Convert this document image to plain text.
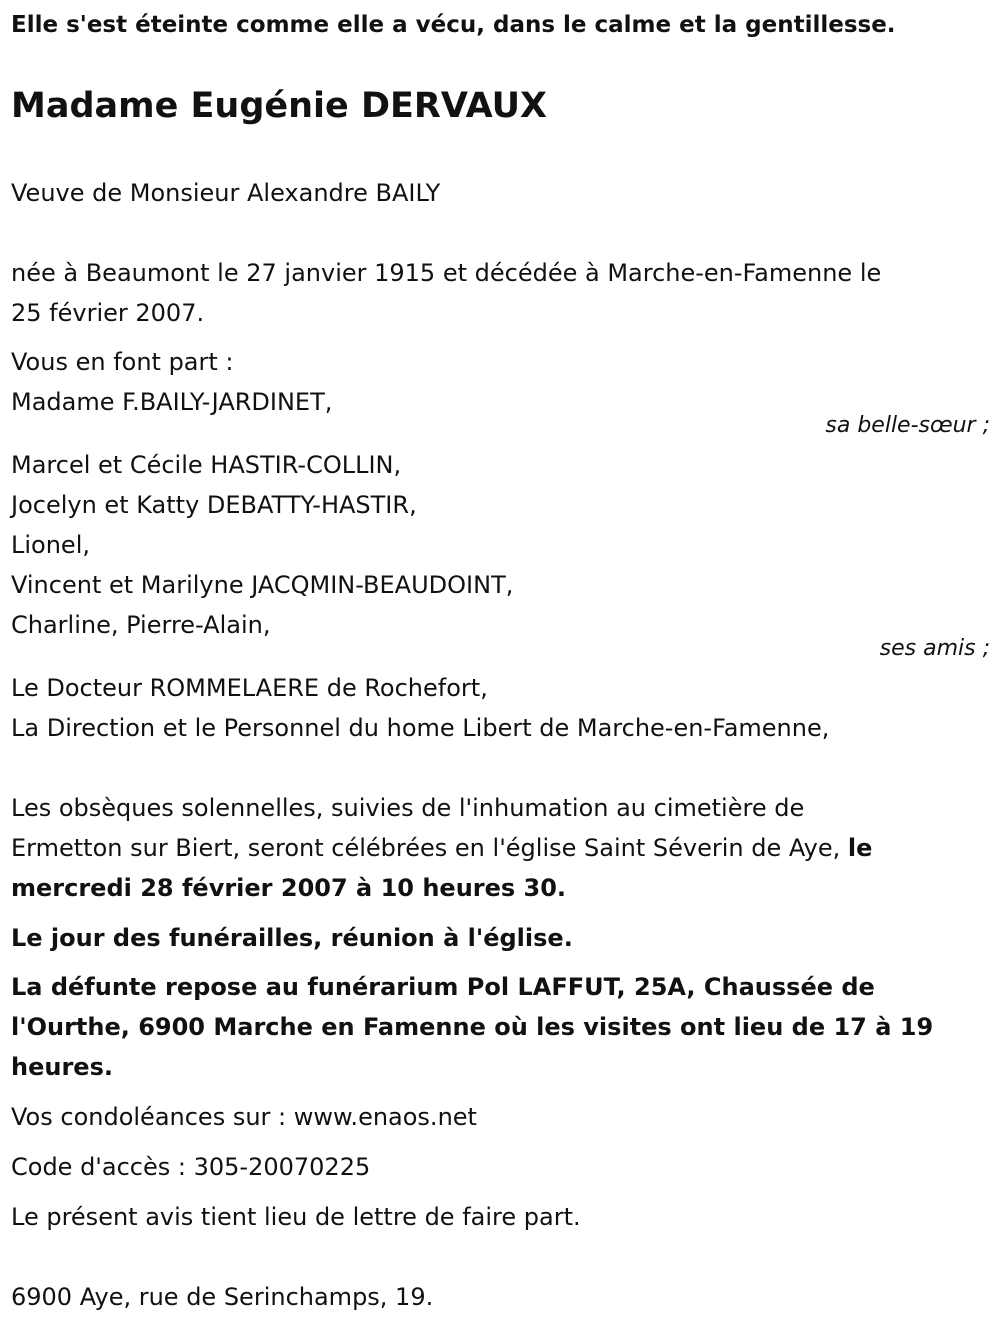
Elle s'est éteinte comme elle a vécu, dans le calme et la gentillesse.

Madame Eugénie DERVAUX

Veuve de Monsieur Alexandre BAILY

née à Beaumont le 27 janvier 1915 et décédée à Marche-en-Famenne le

25 février 2007.

Vous en font part :

Madame F.BAILY-JARDINET,

sa belle-sœur ;

Marcel et Cécile HASTIR-COLLIN,

Jocelyn et Katty DEBATTY-HASTIR,

Lionel,

Vincent et Marilyne JACQMIN-BEAUDOINT,

Charline, Pierre-Alain,

ses amis ;

Le Docteur ROMMELAERE de Rochefort,

La Direction et le Personnel du home Libert de Marche-en-Famenne,

Les obsèques solennelles, suivies de l'inhumation au cimetière de

Ermetton sur Biert, seront célébrées en l'église Saint Séverin de Aye, le

mercredi 28 février 2007 à 10 heures 30.

Le jour des funérailles, réunion à l'église.

La défunte repose au funérarium Pol LAFFUT, 25A, Chaussée de

l'Ourthe, 6900 Marche en Famenne où les visites ont lieu de 17 à 19

heures.

Vos condoléances sur : www.enaos.net

Code d'accès : 305-20070225

Le présent avis tient lieu de lettre de faire part.

6900 Aye, rue de Serinchamps, 19.
